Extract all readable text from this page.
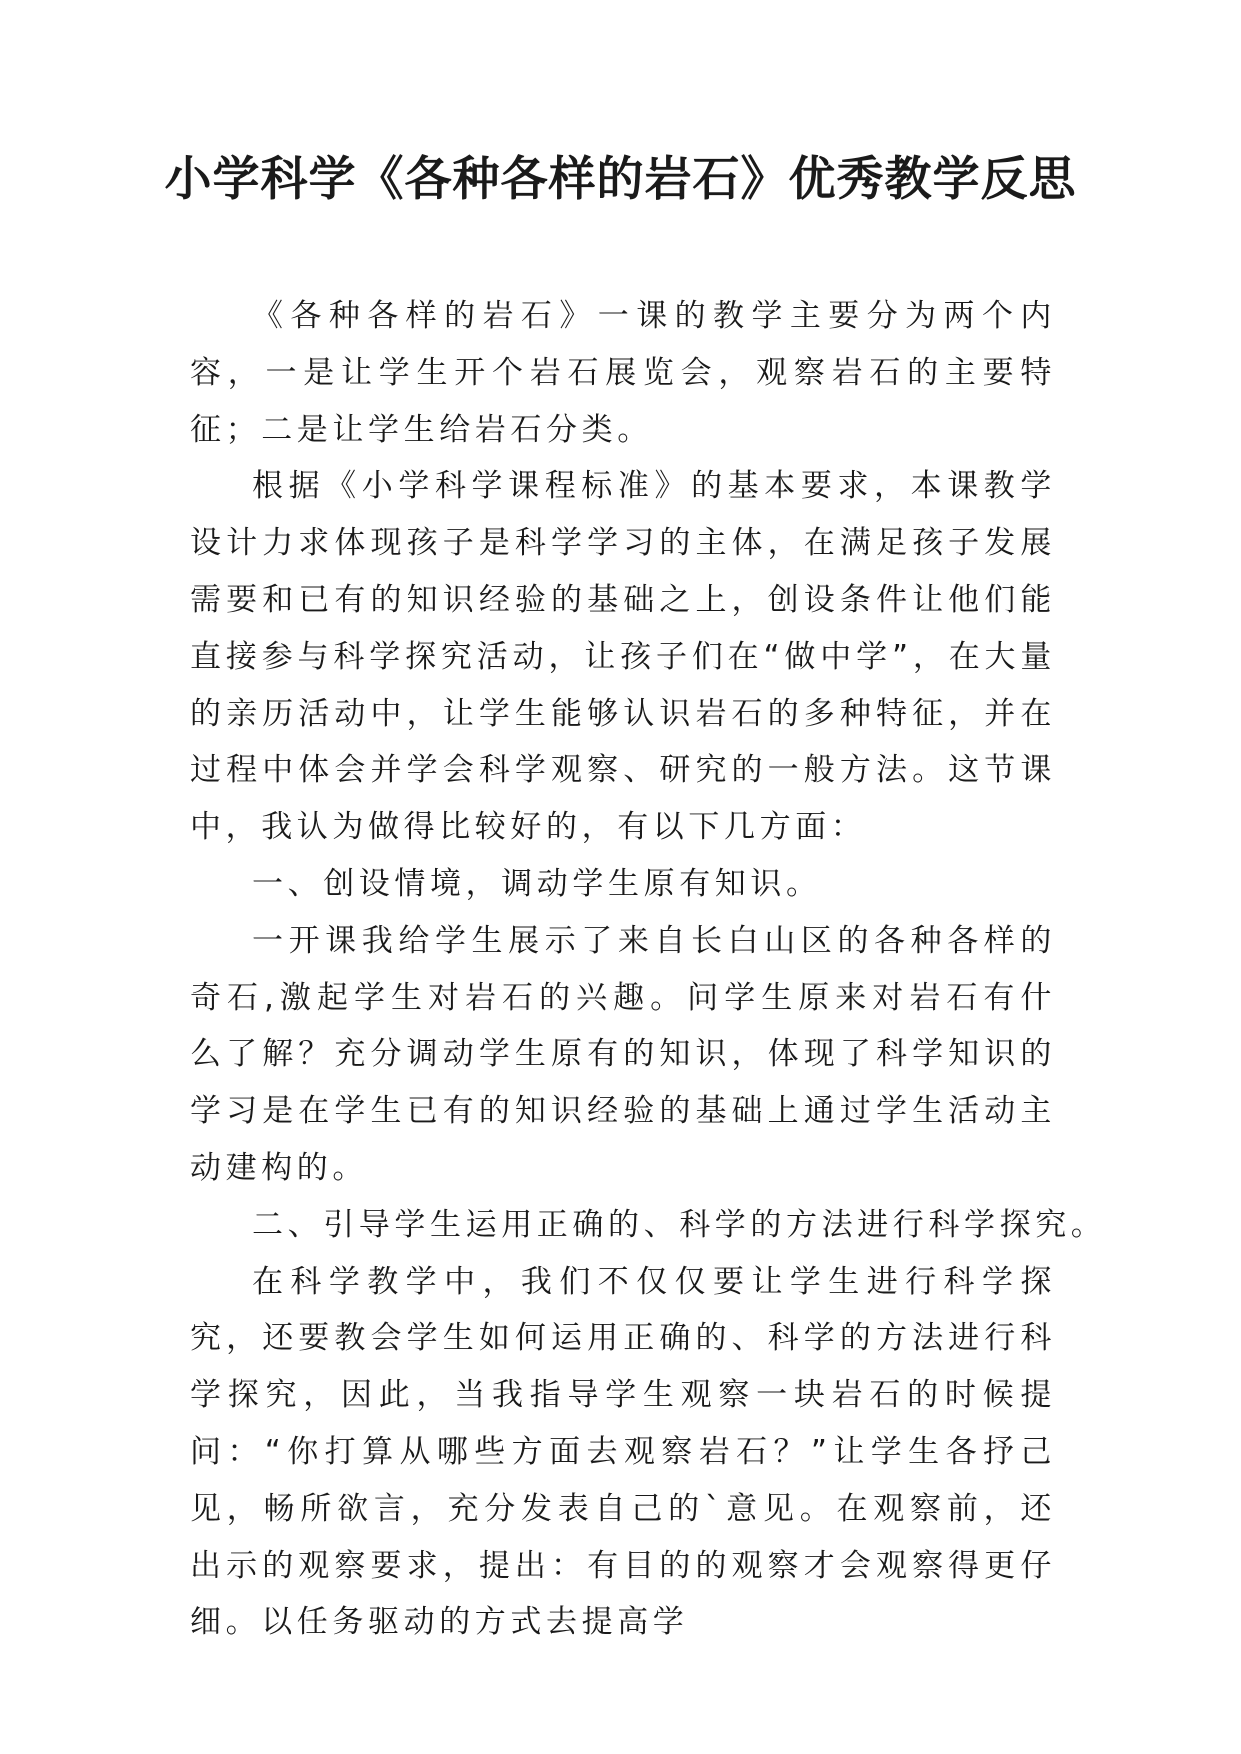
小学科学《各种各样的岩石》优秀教学反思

《各种各样的岩石》一课的教学主要分为两个内容，一是让学生开个岩石展览会，观察岩石的主要特征；二是让学生给岩石分类。

根据《小学科学课程标准》的基本要求，本课教学设计力求体现孩子是科学学习的主体，在满足孩子发展需要和已有的知识经验的基础之上，创设条件让他们能直接参与科学探究活动，让孩子们在“做中学”，在大量的亲历活动中，让学生能够认识岩石的多种特征，并在过程中体会并学会科学观察、研究的一般方法。这节课中，我认为做得比较好的，有以下几方面：

一、创设情境，调动学生原有知识。

一开课我给学生展示了来自长白山区的各种各样的奇石,激起学生对岩石的兴趣。问学生原来对岩石有什么了解？充分调动学生原有的知识，体现了科学知识的学习是在学生已有的知识经验的基础上通过学生活动主动建构的。

二、引导学生运用正确的、科学的方法进行科学探究。

在科学教学中，我们不仅仅要让学生进行科学探究，还要教会学生如何运用正确的、科学的方法进行科学探究，因此，当我指导学生观察一块岩石的时候提问：“你打算从哪些方面去观察岩石？”让学生各抒己见，畅所欲言，充分发表自己的`意见。在观察前，还出示的观察要求，提出：有目的的观察才会观察得更仔细。以任务驱动的方式去提高学
